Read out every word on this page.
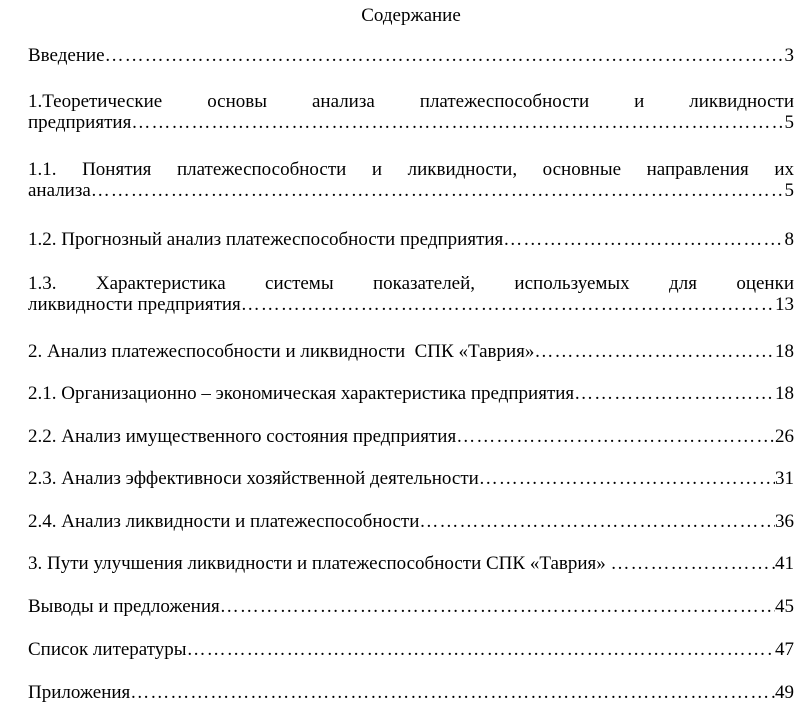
Содержание
Введение ……………………………………………………………………………………………………………………………………………………………………………………	3
1.Теоретические основы анализа платежеспособности и ликвидности
предприятия ……………………………………………………………………………………………………………………………………………………………………………………	5
1.1. Понятия платежеспособности и ликвидности, основные направления их
анализа ……………………………………………………………………………………………………………………………………………………………………………………	5
1.2. Прогнозный анализ платежеспособности предприятия ……………………………………………………………………………………………………………………………………………………………………………………	8
1.3. Характеристика системы показателей, используемых для оценки
ликвидности предприятия ……………………………………………………………………………………………………………………………………………………………………………………	13
2. Анализ платежеспособности и ликвидности  СПК «Таврия» ……………………………………………………………………………………………………………………………………………………………………………………	18
2.1. Организационно – экономическая характеристика предприятия ……………………………………………………………………………………………………………………………………………………………………………………	18
2.2. Анализ имущественного состояния предприятия ……………………………………………………………………………………………………………………………………………………………………………………	26
2.3. Анализ эффективноси хозяйственной деятельности ……………………………………………………………………………………………………………………………………………………………………………………	31
2.4. Анализ ликвидности и платежеспособности ……………………………………………………………………………………………………………………………………………………………………………………	36
3. Пути улучшения ликвидности и платежеспособности СПК «Таврия» ……………………………………………………………………………………………………………………………………………………………………………………	41
Выводы и предложения ……………………………………………………………………………………………………………………………………………………………………………………	45
Список литературы ……………………………………………………………………………………………………………………………………………………………………………………	47
Приложения ……………………………………………………………………………………………………………………………………………………………………………………	49
